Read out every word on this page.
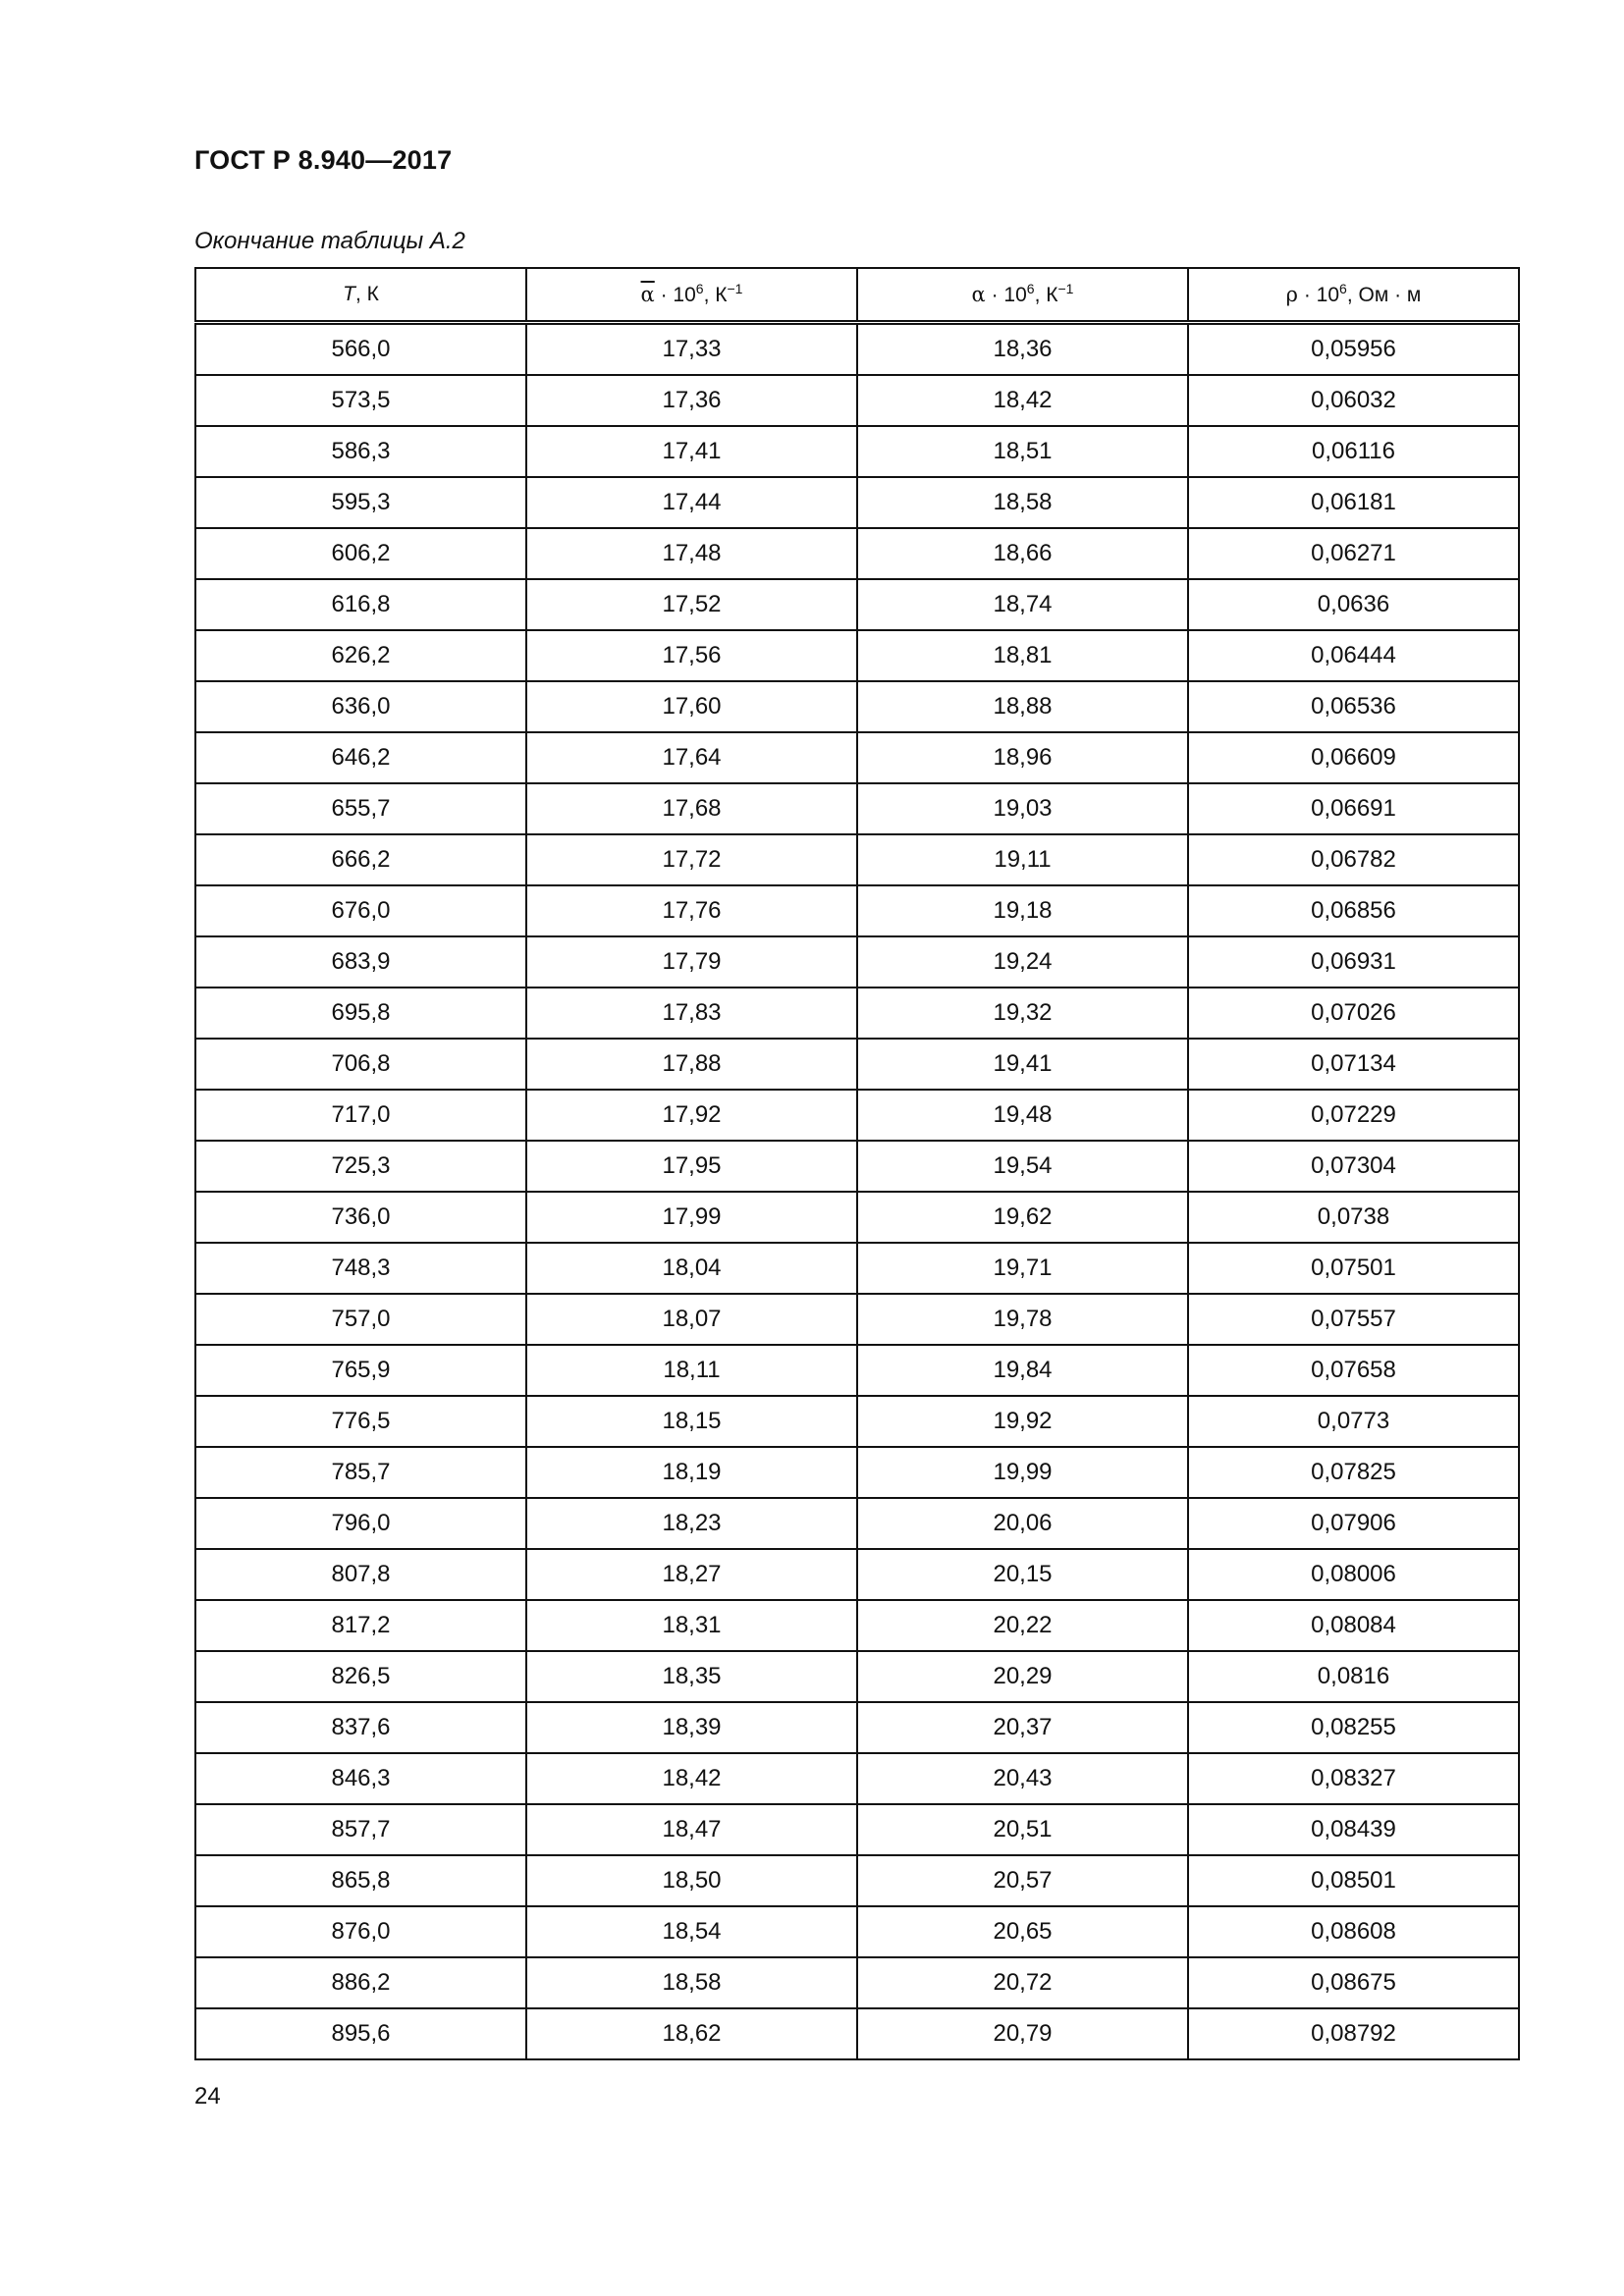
ГОСТ Р 8.940—2017
Окончание таблицы А.2
T, К	$\overline{\alpha} \cdot 10^6$, $К^{-1}$	$\alpha \cdot 10^6$, $К^{-1}$	$\rho \cdot 10^6$, Ом · м
566,0	17,33	18,36	0,05956
573,5	17,36	18,42	0,06032
586,3	17,41	18,51	0,06116
595,3	17,44	18,58	0,06181
606,2	17,48	18,66	0,06271
616,8	17,52	18,74	0,0636
626,2	17,56	18,81	0,06444
636,0	17,60	18,88	0,06536
646,2	17,64	18,96	0,06609
655,7	17,68	19,03	0,06691
666,2	17,72	19,11	0,06782
676,0	17,76	19,18	0,06856
683,9	17,79	19,24	0,06931
695,8	17,83	19,32	0,07026
706,8	17,88	19,41	0,07134
717,0	17,92	19,48	0,07229
725,3	17,95	19,54	0,07304
736,0	17,99	19,62	0,0738
748,3	18,04	19,71	0,07501
757,0	18,07	19,78	0,07557
765,9	18,11	19,84	0,07658
776,5	18,15	19,92	0,0773
785,7	18,19	19,99	0,07825
796,0	18,23	20,06	0,07906
807,8	18,27	20,15	0,08006
817,2	18,31	20,22	0,08084
826,5	18,35	20,29	0,0816
837,6	18,39	20,37	0,08255
846,3	18,42	20,43	0,08327
857,7	18,47	20,51	0,08439
865,8	18,50	20,57	0,08501
876,0	18,54	20,65	0,08608
886,2	18,58	20,72	0,08675
895,6	18,62	20,79	0,08792
24
